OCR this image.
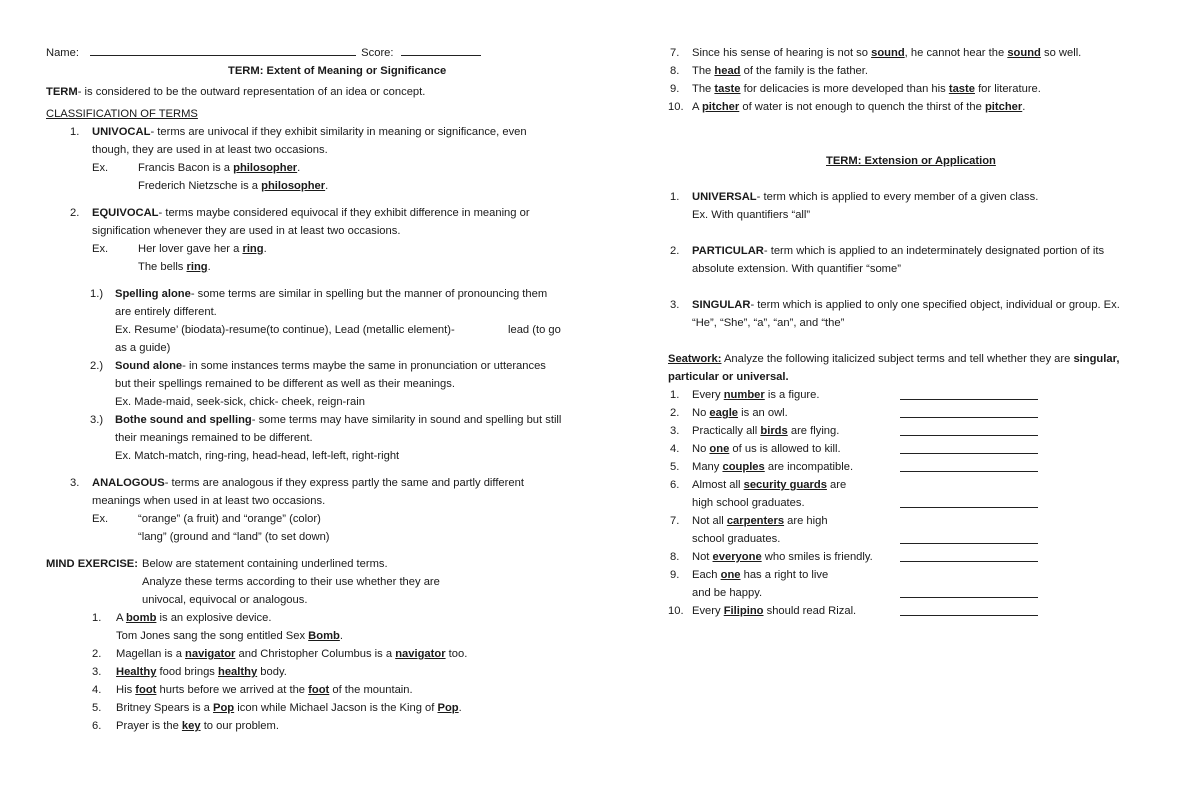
Name:	Score:
TERM: Extent of Meaning or Significance
TERM- is considered to be the outward representation of an idea or concept.
CLASSIFICATION OF TERMS
1. UNIVOCAL- terms are univocal if they exhibit similarity in meaning or significance, even
though, they are used in at least two occasions.
Ex.	Francis Bacon is a philosopher.
Frederich Nietzsche is a philosopher.
2. EQUIVOCAL- terms maybe considered equivocal if they exhibit difference in meaning or
signification whenever they are used in at least two occasions.
Ex.	Her lover gave her a ring.
The bells ring.
1.) Spelling alone- some terms are similar in spelling but the manner of pronouncing them
are entirely different.
Ex. Resume’ (biodata)-resume(to continue), Lead (metallic element)-	lead (to go
as a guide)
2.) Sound alone- in some instances terms maybe the same in pronunciation or utterances
but their spellings remained to be different as well as their meanings.
Ex. Made-maid, seek-sick, chick- cheek, reign-rain
3.) Bothe sound and spelling- some terms may have similarity in sound and spelling but still
their meanings remained to be different.
Ex. Match-match, ring-ring, head-head, left-left, right-right
3. ANALOGOUS- terms are analogous if they express partly the same and partly different
meanings when used in at least two occasions.
Ex.	“orange” (a fruit) and “orange” (color)
“lang” (ground and “land” (to set down)
MIND EXERCISE: Below are statement containing underlined terms.
Analyze these terms according to their use whether they are
univocal, equivocal or analogous.
1. A bomb is an explosive device.
Tom Jones sang the song entitled Sex Bomb.
2. Magellan is a navigator and Christopher Columbus is a navigator too.
3. Healthy food brings healthy body.
4. His foot hurts before we arrived at the foot of the mountain.
5. Britney Spears is a Pop icon while Michael Jacson is the King of Pop.
6. Prayer is the key to our problem.
7. Since his sense of hearing is not so sound, he cannot hear the sound so well.
8. The head of the family is the father.
9. The taste for delicacies is more developed than his taste for literature.
10. A pitcher of water is not enough to quench the thirst of the pitcher.
TERM: Extension or Application
1. UNIVERSAL- term which is applied to every member of a given class.
Ex. With quantifiers “all”
2. PARTICULAR- term which is applied to an indeterminately designated portion of its
absolute extension. With quantifier “some”
3. SINGULAR- term which is applied to only one specified object, individual or group. Ex.
“He”, “She”, “a”, “an”, and “the”
Seatwork: Analyze the following italicized subject terms and tell whether they are singular,
particular or universal.
1. Every number is a figure.
2. No eagle is an owl.
3. Practically all birds are flying.
4. No one of us is allowed to kill.
5. Many couples are incompatible.
6. Almost all security guards are
high school graduates.
7. Not all carpenters are high
school graduates.
8. Not everyone who smiles is friendly.
9. Each one has a right to live
and be happy.
10. Every Filipino should read Rizal.
